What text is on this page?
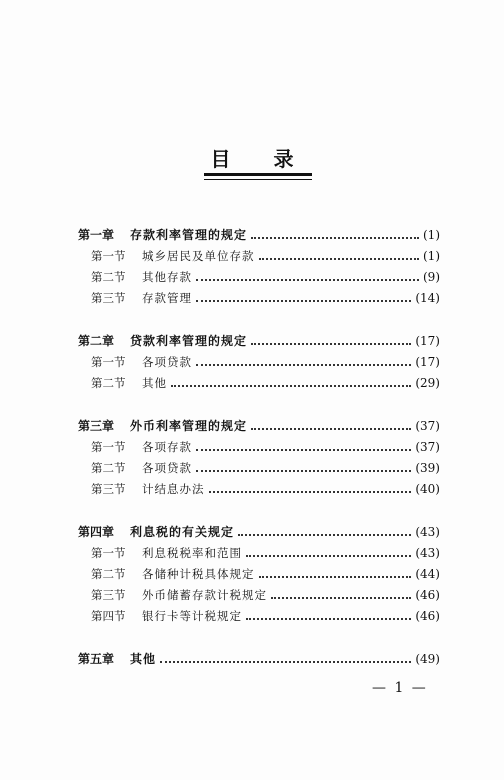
目 录
第一章	存款利率管理的规定	(1)
第一节	城乡居民及单位存款	(1)
第二节	其他存款	(9)
第三节	存款管理	(14)
第二章	贷款利率管理的规定	(17)
第一节	各项贷款	(17)
第二节	其他	(29)
第三章	外币利率管理的规定	(37)
第一节	各项存款	(37)
第二节	各项贷款	(39)
第三节	计结息办法	(40)
第四章	利息税的有关规定	(43)
第一节	利息税税率和范围	(43)
第二节	各储种计税具体规定	(44)
第三节	外币储蓄存款计税规定	(46)
第四节	银行卡等计税规定	(46)
第五章	其他	(49)
— 1 —
